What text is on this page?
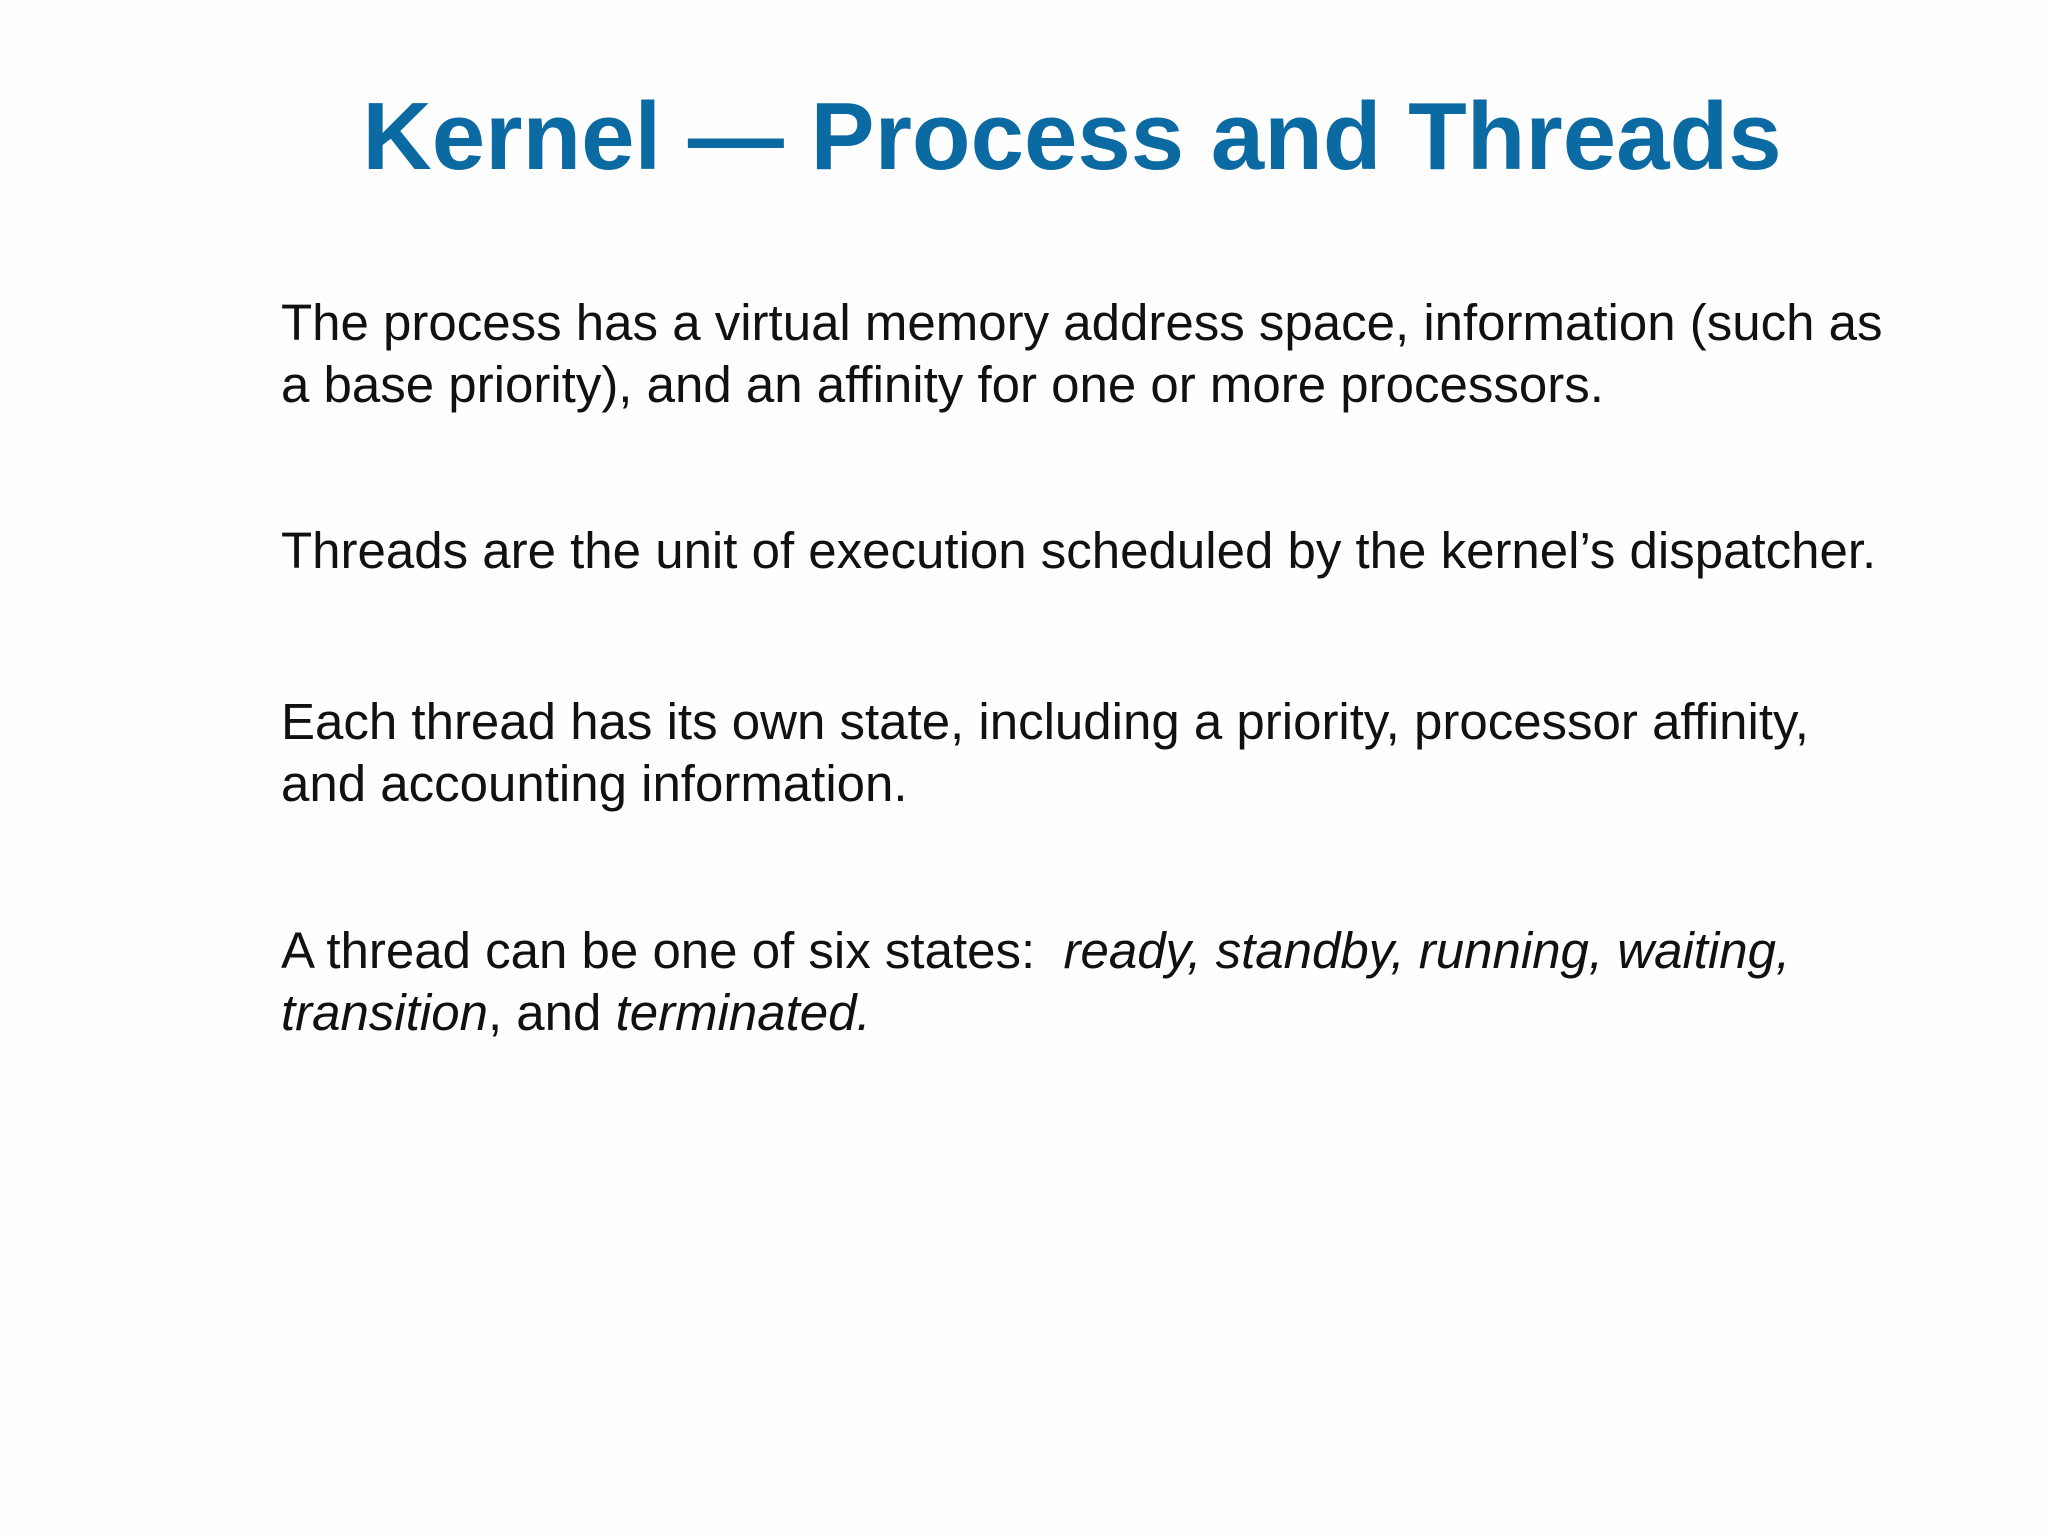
Kernel — Process and Threads

The process has a virtual memory address space, information (such as
a base priority), and an affinity for one or more processors.

Threads are the unit of execution scheduled by the kernel’s dispatcher.

Each thread has its own state, including a priority, processor affinity,
and accounting information.

A thread can be one of six states:  ready, standby, running, waiting,
transition, and terminated.
